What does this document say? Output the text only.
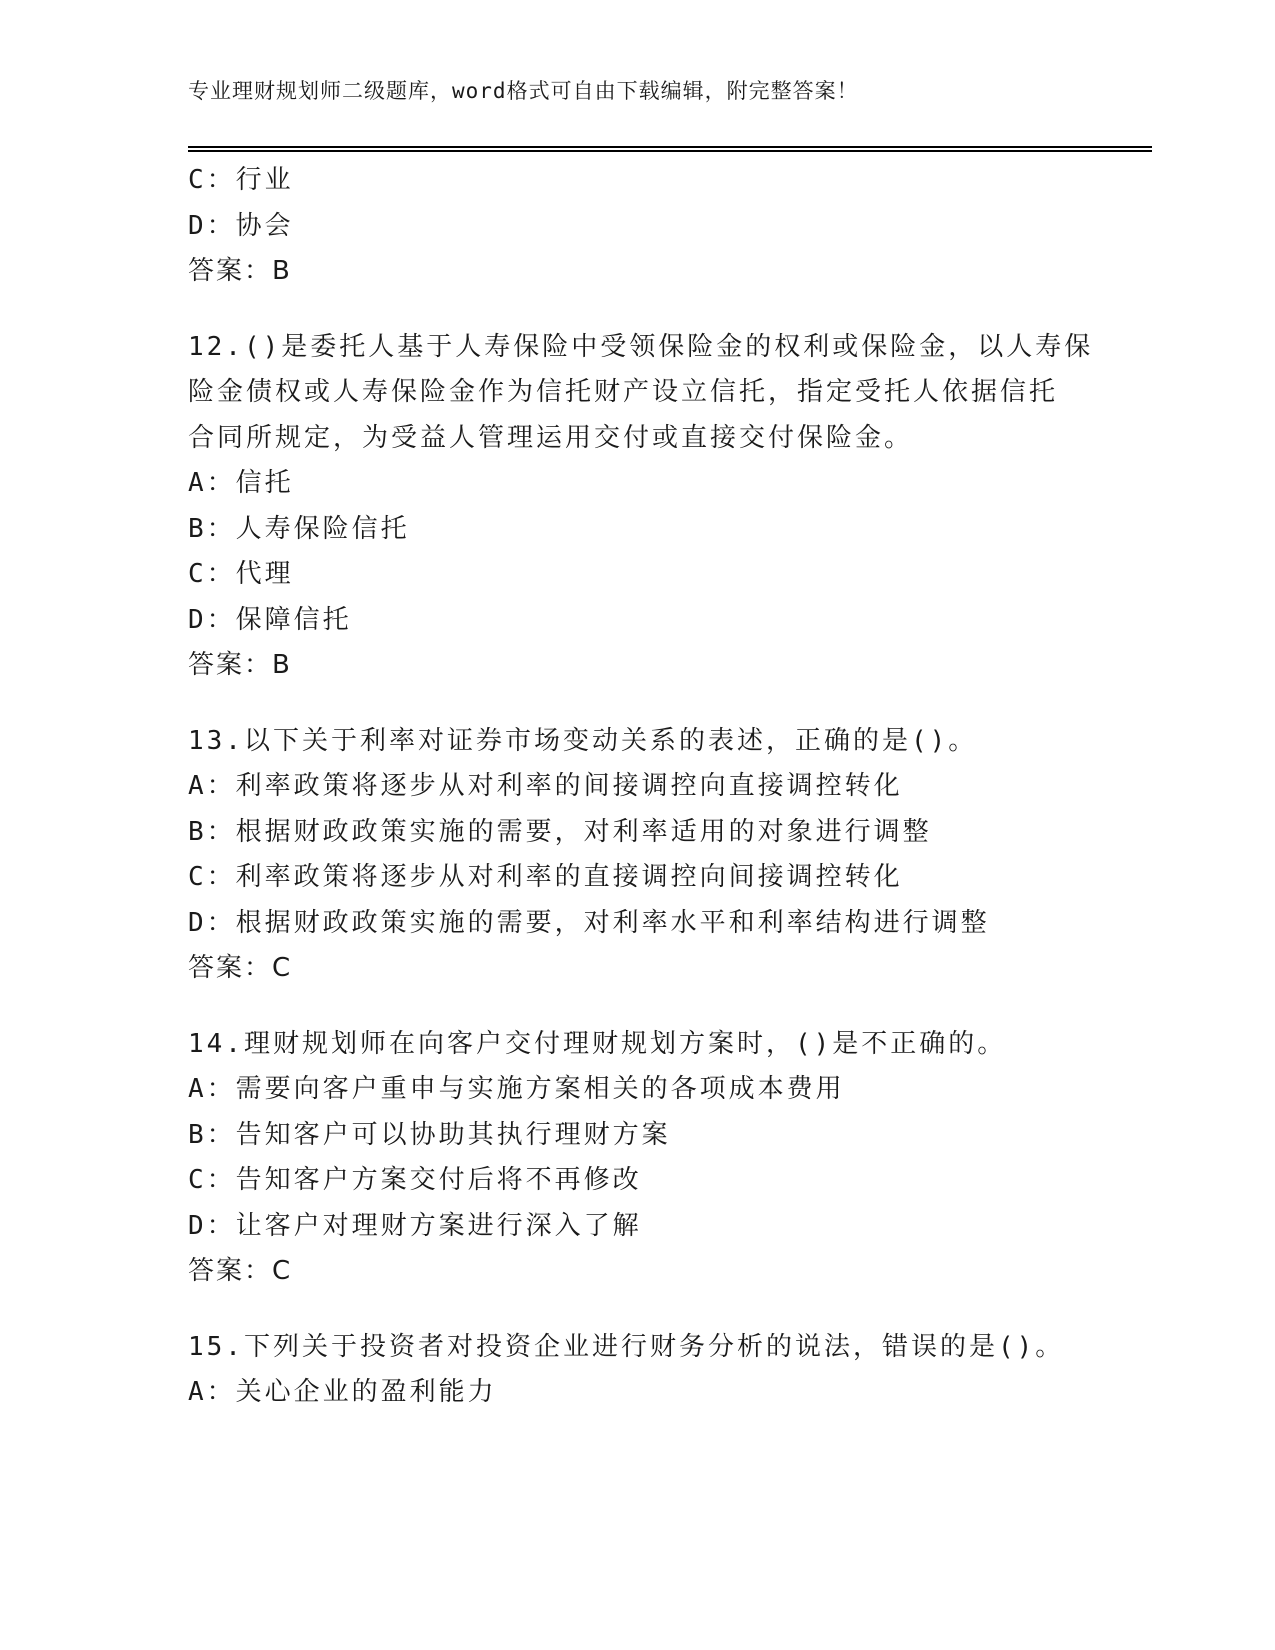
专业理财规划师二级题库，word格式可自由下载编辑，附完整答案！
C：行业
D：协会
答案：B
12.()是委托人基于人寿保险中受领保险金的权利或保险金，以人寿保
险金债权或人寿保险金作为信托财产设立信托，指定受托人依据信托
合同所规定，为受益人管理运用交付或直接交付保险金。
A：信托
B：人寿保险信托
C：代理
D：保障信托
答案：B
13.以下关于利率对证券市场变动关系的表述，正确的是()。
A：利率政策将逐步从对利率的间接调控向直接调控转化
B：根据财政政策实施的需要，对利率适用的对象进行调整
C：利率政策将逐步从对利率的直接调控向间接调控转化
D：根据财政政策实施的需要，对利率水平和利率结构进行调整
答案：C
14.理财规划师在向客户交付理财规划方案时，()是不正确的。
A：需要向客户重申与实施方案相关的各项成本费用
B：告知客户可以协助其执行理财方案
C：告知客户方案交付后将不再修改
D：让客户对理财方案进行深入了解
答案：C
15.下列关于投资者对投资企业进行财务分析的说法，错误的是()。
A：关心企业的盈利能力
